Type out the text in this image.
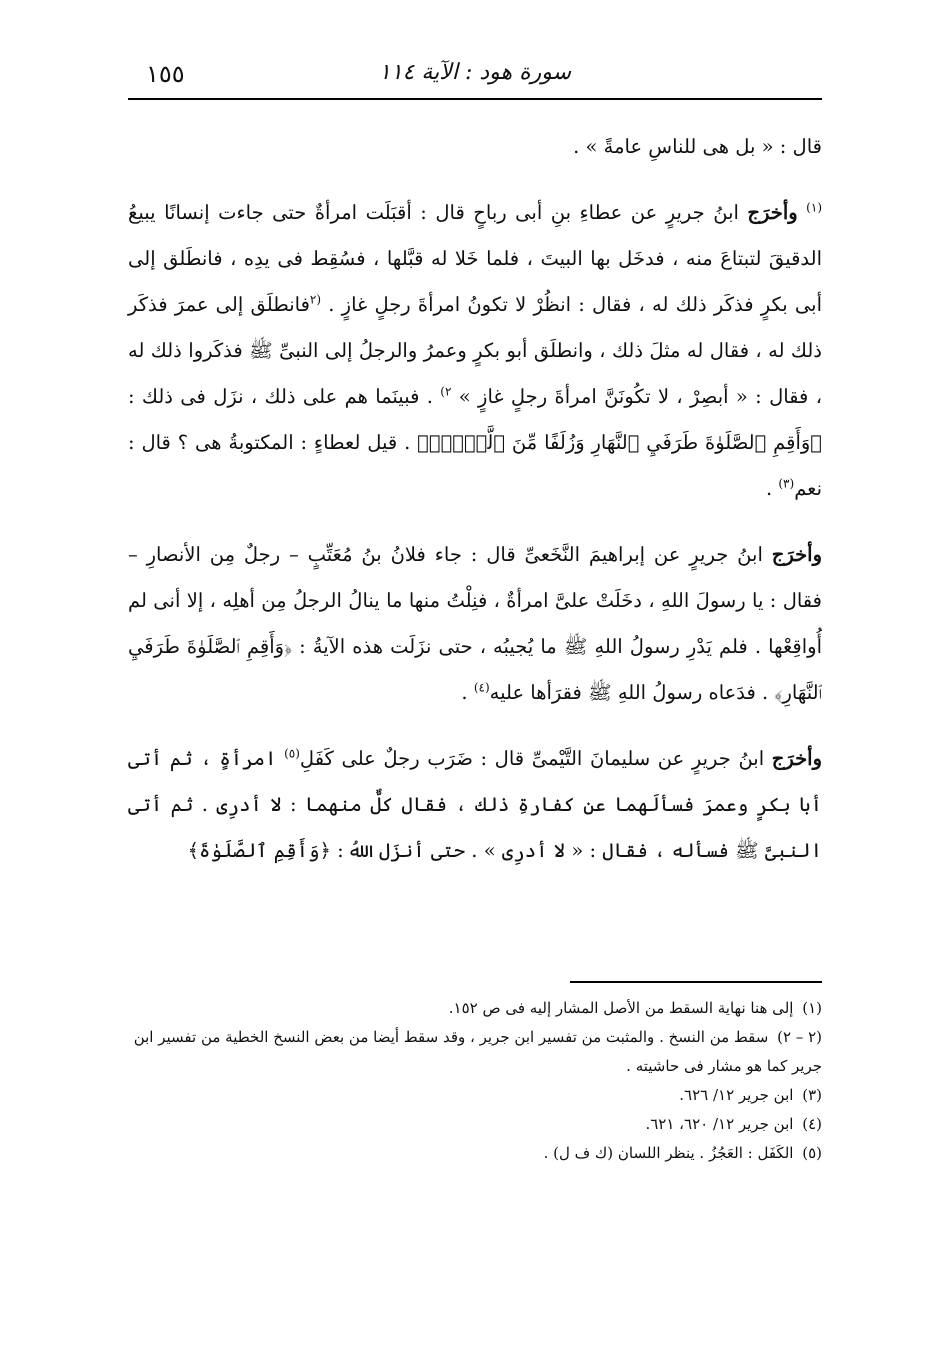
١٥٥	سورة هود : الآية ١١٤

قال : « بل هى للناسِ عامةً » .

$^{(١)}$ وأخرَج ابنُ جريرٍ عن عطاءِ بنِ أبى رباحٍ قال : أقبَلَت امرأةٌ حتى جاءت إنسانًا يبيعُ الدقيقَ لتبتاعَ منه ، فدخَل بها البيتَ ، فلما خَلا له قبَّلها ، فسُقِط فى يدِه ، فانطَلق إلى أبى بكرٍ فذكَر ذلك له ، فقال : انظُرْ لا تكونُ امرأةَ رجلٍ غازٍ . $^{(٢}$فانطلَق إلى عمرَ فذكَر ذلك له ، فقال له مثلَ ذلك ، وانطلَق أبو بكرٍ وعمرُ والرجلُ إلى النبىِّ ﷺ فذكَروا ذلك له ، فقال : « أبصِرْ ، لا تكُونَنَّ امرأةَ رجلٍ غازٍ » $^{٢)}$ . فبينَما هم على ذلك ، نزَل فى ذلك : ﴿وَأَقِمِ ٱلصَّلَوٰةَ طَرَفَيِ ٱلنَّهَارِ وَزُلَفًا مِّنَ ٱلَّيۡلِۚ﴾ . قيل لعطاءٍ : المكتوبةُ هى ؟ قال : نعم$^{(٣)}$ .

وأخرَج ابنُ جريرٍ عن إبراهيمَ النَّخَعىِّ قال : جاء فلانُ بنُ مُعَتِّبٍ – رجلٌ مِن الأنصارِ – فقال : يا رسولَ اللهِ ، دخَلَتْ علىَّ امرأةٌ ، فنِلْتُ منها ما ينالُ الرجلُ مِن أهلِه ، إلا أنى لم أُواقِعْها . فلم يَدْرِ رسولُ اللهِ ﷺ ما يُجيبُه ، حتى نزَلَت هذه الآيةُ : ﴿وَأَقِمِ ٱلصَّلَوٰةَ طَرَفَيِ ٱلنَّهَارِ﴾ . فدَعاه رسولُ اللهِ ﷺ فقرَأها عليه$^{(٤)}$ .

وأخرَج ابنُ جريرٍ عن سليمانَ التَّيْمىِّ قال : ضَرَب رجلٌ على كَفَلِ$^{(٥)}$ امرأةٍ ، ثم أتى أبا بكرٍ وعمرَ فسألَهما عن كفارةِ ذلك ، فقال كلٌّ منهما : لا أدرِى . ثم أتى النبىَّ ﷺ فسأله ، فقال : « لا أدرِى » . حتى أنزَل اللهُ : ﴿وَأَقِمِ ٱلصَّلَوٰةَ﴾

(١) إلى هنا نهاية السقط من الأصل المشار إليه فى ص ١٥٢.
(٢ – ٢) سقط من النسخ . والمثبت من تفسير ابن جرير ، وقد سقط أيضا من بعض النسخ الخطية من تفسير ابن جرير كما هو مشار فى حاشيته .
(٣) ابن جرير ١٢/ ٦٢٦.
(٤) ابن جرير ١٢/ ٦٢٠، ٦٢١.
(٥) الكَفَل : العَجُزُ . ينظر اللسان (ك ف ل) .
